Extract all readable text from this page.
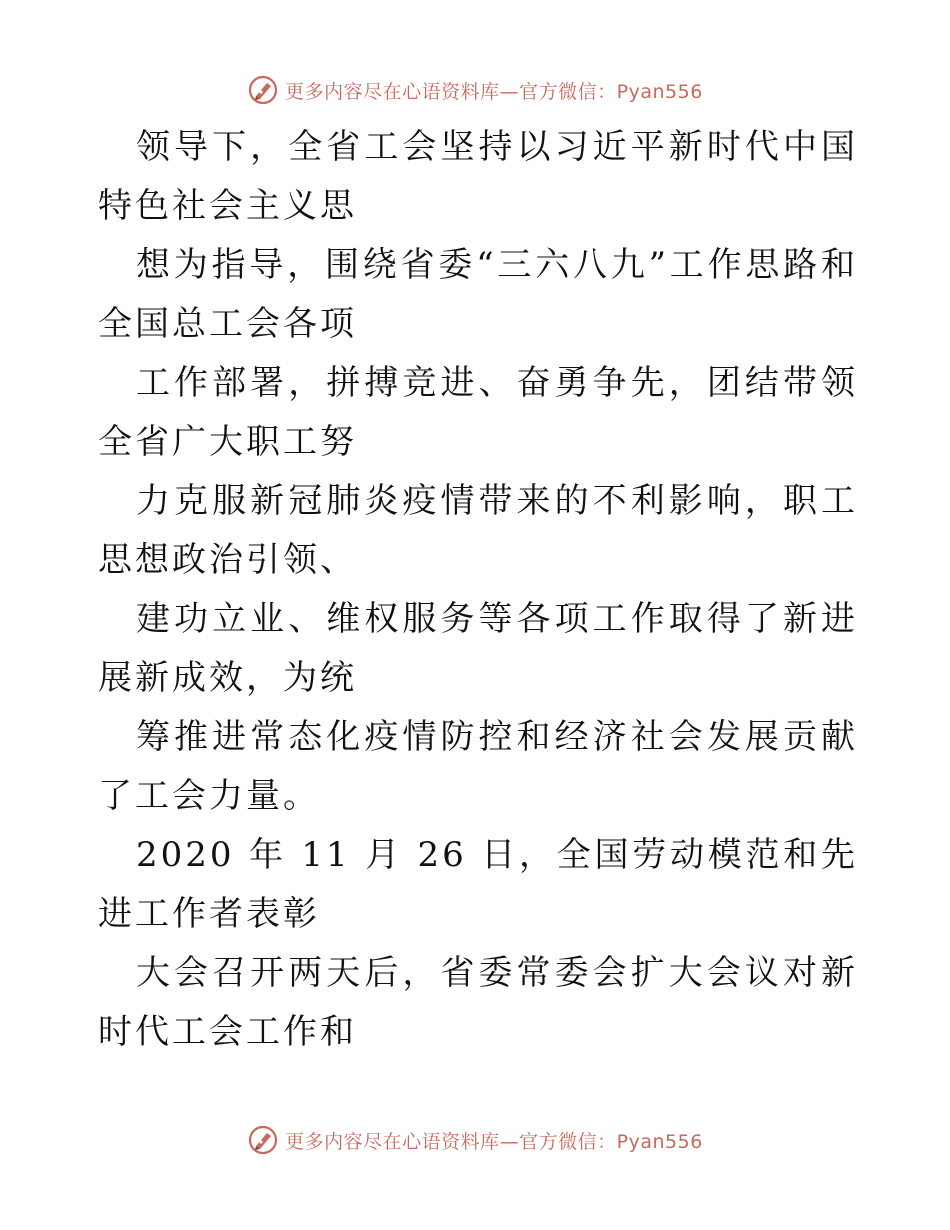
更多内容尽在心语资料库—官方微信：Pyan556

领导下，全省工会坚持以习近平新时代中国特色社会主义思

想为指导，围绕省委“三六八九”工作思路和全国总工会各项

工作部署，拼搏竞进、奋勇争先，团结带领全省广大职工努

力克服新冠肺炎疫情带来的不利影响，职工思想政治引领、

建功立业、维权服务等各项工作取得了新进展新成效，为统

筹推进常态化疫情防控和经济社会发展贡献了工会力量。

2020 年 11 月 26 日，全国劳动模范和先进工作者表彰

大会召开两天后，省委常委会扩大会议对新时代工会工作和

更多内容尽在心语资料库—官方微信：Pyan556
